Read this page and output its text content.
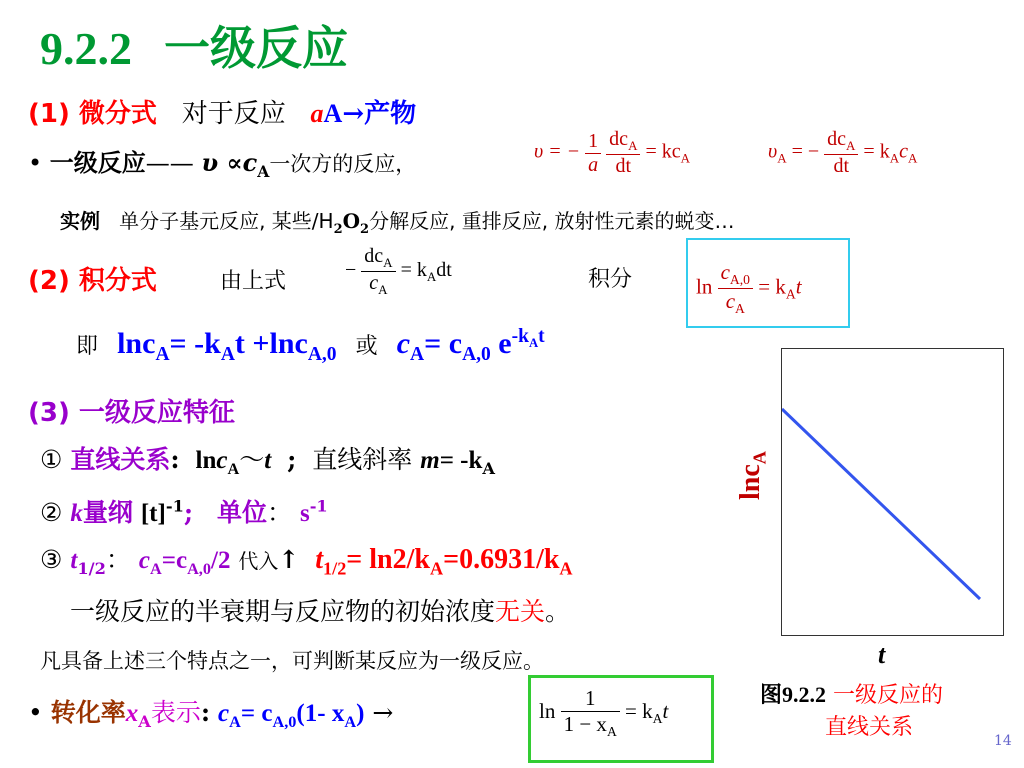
9.2.2 一级反应
(1) 微分式 对于反应 aA→产物
• 一级反应—— $\upsilon \propto c_A$一次方的反应，
υ = − $\frac{1}{a}$
$\frac{dc_A}{dt} = kc_A$	$\upsilon_A$ = − $\frac{dc_A}{dt} = k_Ac_A$
实例 单分子基元反应, 某些$/H_2O_2$分解反应, 重排反应, 放射性元素的蜕变…
(2) 积分式	由上式	− $\frac{dc_A}{c_A} = k_Adt$	积分	$\ln \frac{c_{A,0}}{c_A} = k_At$
即 $\ln c_A= -k_At +\ln c_{A,0}$ 或 $c_A= c_{A,0}$ $e^{-k_At}$
(3) 一级反应特征
① 直线关系: lnc$_A$～t ; 直线斜率 $m= -k_A$
② k量纲 $[t]^{-1}$; 单位： $s^{-1}$
③ $t_{1/2}$： $c_A=c_{A,0}/2$ 代入↑ $t_{1/2}= \ln 2/k_A=0.6931/k_A$
一级反应的半衰期与反应物的初始浓度无关。
凡具备上述三个特点之一，可判断某反应为一级反应。
• 转化率$x_A$表示: $c_A= c_{A,0}(1-$ $x_A$) →	$\ln \frac{1}{1 - x_A} = k_At$
lnc$_A$
t
图9.2.2 一级反应的
直线关系
14
